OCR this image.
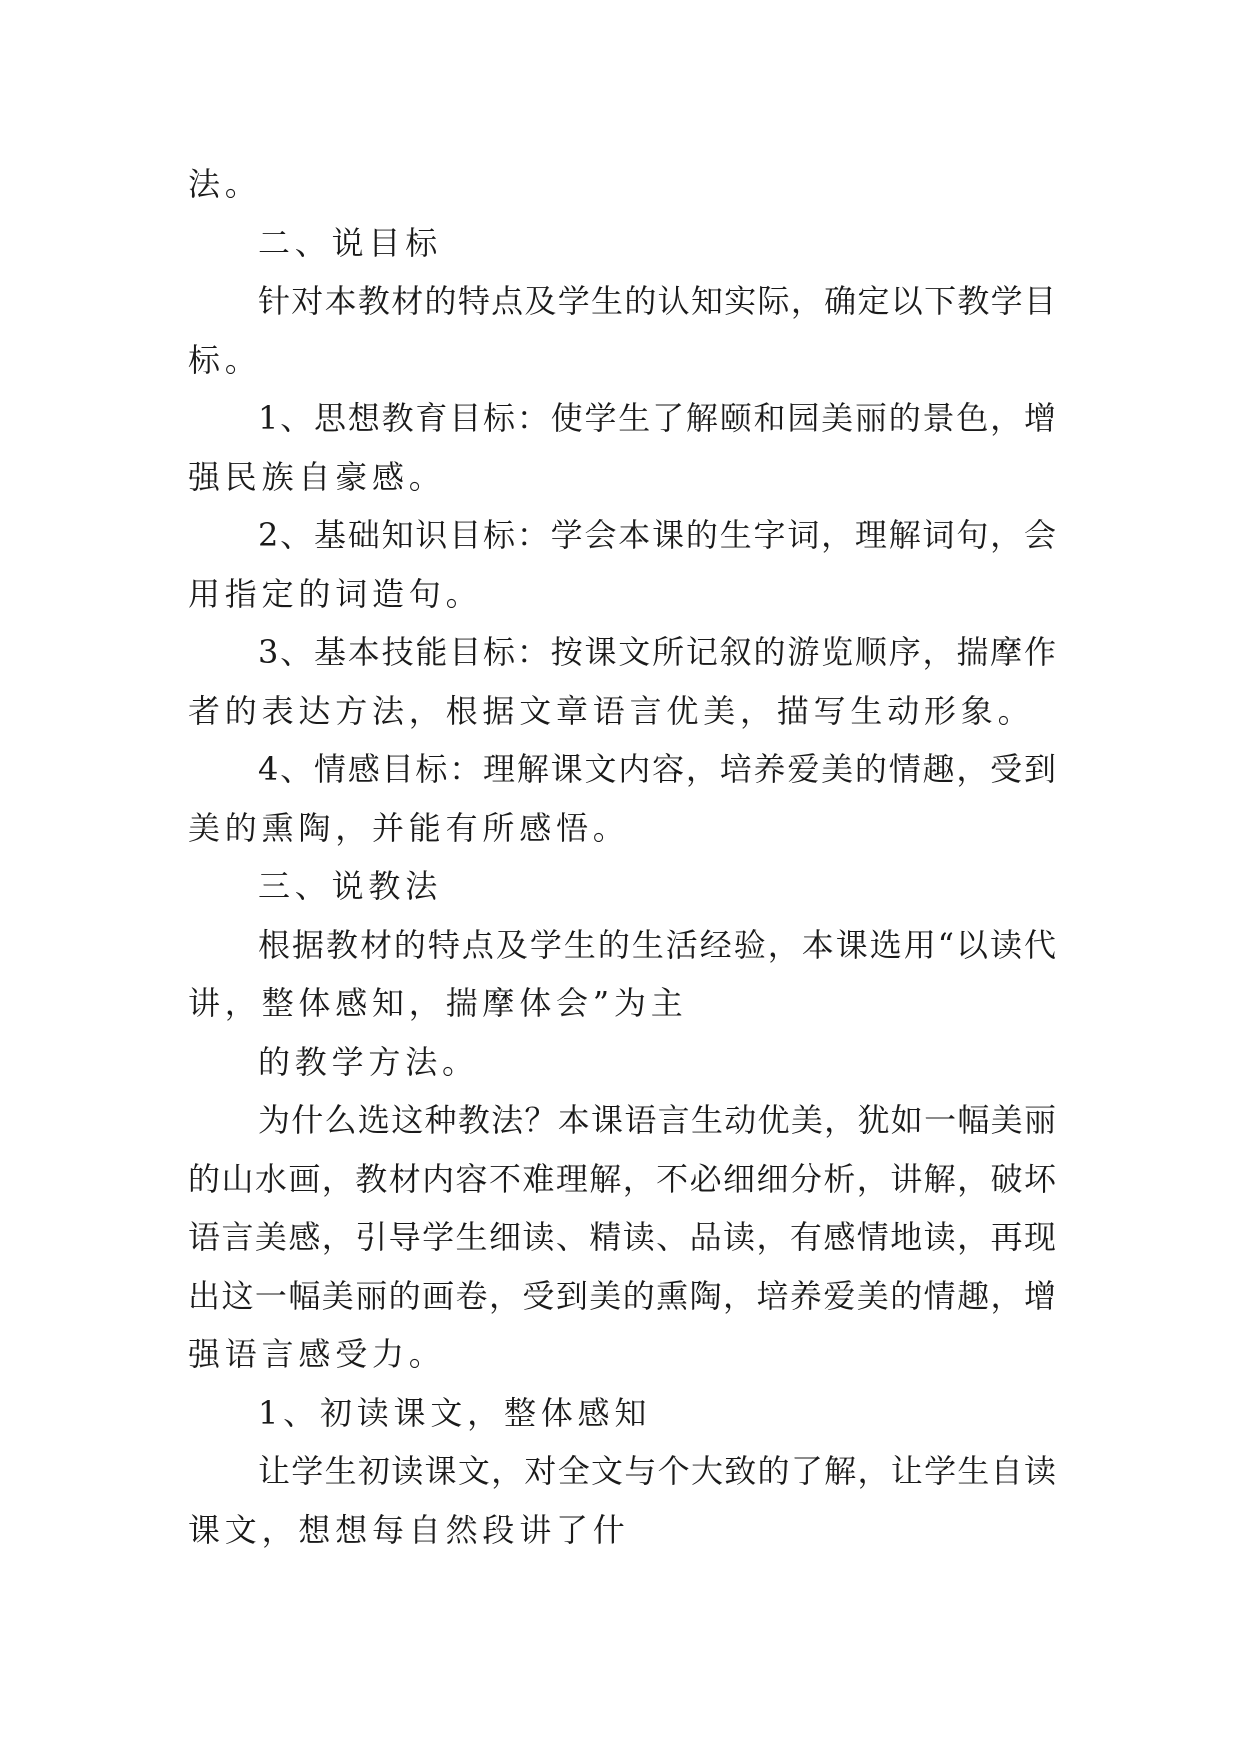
法。
二、说目标
针对本教材的特点及学生的认知实际，确定以下教学目
标。
1、思想教育目标：使学生了解颐和园美丽的景色，增
强民族自豪感。
2、基础知识目标：学会本课的生字词，理解词句，会
用指定的词造句。
3、基本技能目标：按课文所记叙的游览顺序，揣摩作
者的表达方法，根据文章语言优美，描写生动形象。
4、情感目标：理解课文内容，培养爱美的情趣，受到
美的熏陶，并能有所感悟。
三、说教法
根据教材的特点及学生的生活经验，本课选用“以读代
讲，整体感知，揣摩体会”为主
的教学方法。
为什么选这种教法？本课语言生动优美，犹如一幅美丽
的山水画，教材内容不难理解，不必细细分析，讲解，破坏
语言美感，引导学生细读、精读、品读，有感情地读，再现
出这一幅美丽的画卷，受到美的熏陶，培养爱美的情趣，增
强语言感受力。
1、初读课文，整体感知
让学生初读课文，对全文与个大致的了解，让学生自读
课文，想想每自然段讲了什
